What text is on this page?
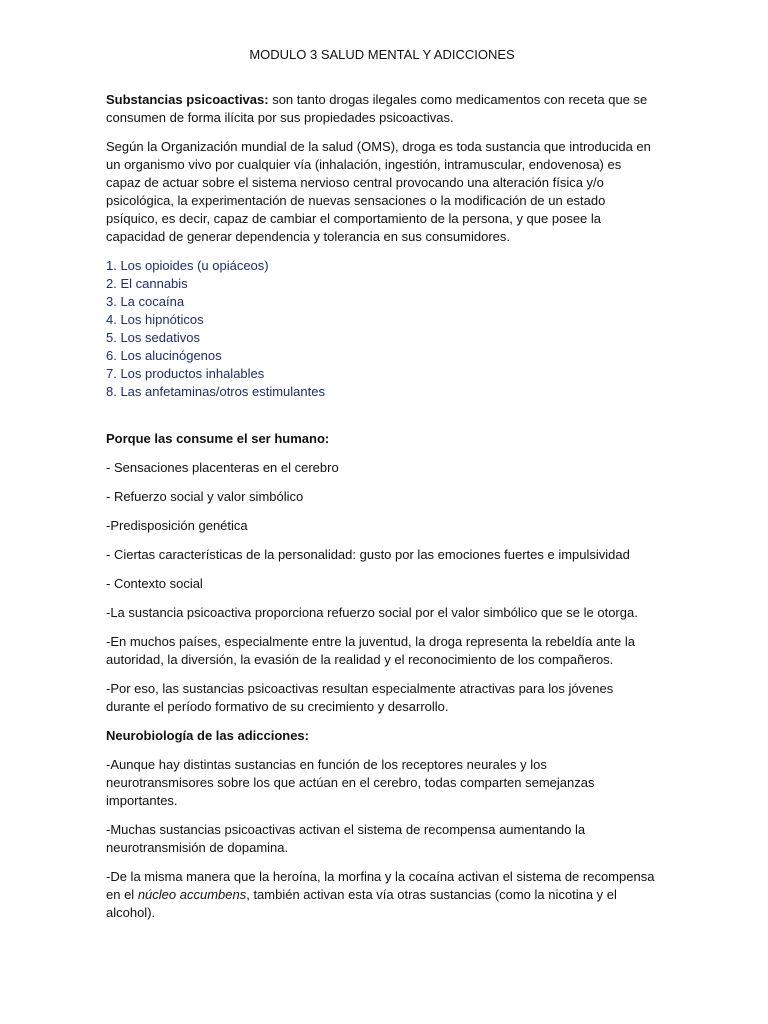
MODULO 3 SALUD MENTAL Y ADICCIONES

Substancias psicoactivas: son tanto drogas ilegales como medicamentos con receta que se consumen de forma ilícita por sus propiedades psicoactivas.

Según la Organización mundial de la salud (OMS), droga es toda sustancia que introducida en un organismo vivo por cualquier vía (inhalación, ingestión, intramuscular, endovenosa) es capaz de actuar sobre el sistema nervioso central provocando una alteración física y/o psicológica, la experimentación de nuevas sensaciones o la modificación de un estado psíquico, es decir, capaz de cambiar el comportamiento de la persona, y que posee la capacidad de generar dependencia y tolerancia en sus consumidores.

1. Los opioides (u opiáceos)
2. El cannabis
3. La cocaína
4. Los hipnóticos
5. Los sedativos
6. Los alucinógenos
7. Los productos inhalables
8. Las anfetaminas/otros estimulantes

Porque las consume el ser humano:

- Sensaciones placenteras en el cerebro

- Refuerzo social y valor simbólico

-Predisposición genética

- Ciertas características de la personalidad: gusto por las emociones fuertes e impulsividad

- Contexto social

-La sustancia psicoactiva proporciona refuerzo social por el valor simbólico que se le otorga.

-En muchos países, especialmente entre la juventud, la droga representa la rebeldía ante la autoridad, la diversión, la evasión de la realidad y el reconocimiento de los compañeros.

-Por eso, las sustancias psicoactivas resultan especialmente atractivas para los jóvenes durante el período formativo de su crecimiento y desarrollo.

Neurobiología de las adicciones:

-Aunque hay distintas sustancias en función de los receptores neurales y los neurotransmisores sobre los que actúan en el cerebro, todas comparten semejanzas importantes.

-Muchas sustancias psicoactivas activan el sistema de recompensa aumentando la neurotransmisión de dopamina.

-De la misma manera que la heroína, la morfina y la cocaína activan el sistema de recompensa en el núcleo accumbens, también activan esta vía otras sustancias (como la nicotina y el alcohol).
